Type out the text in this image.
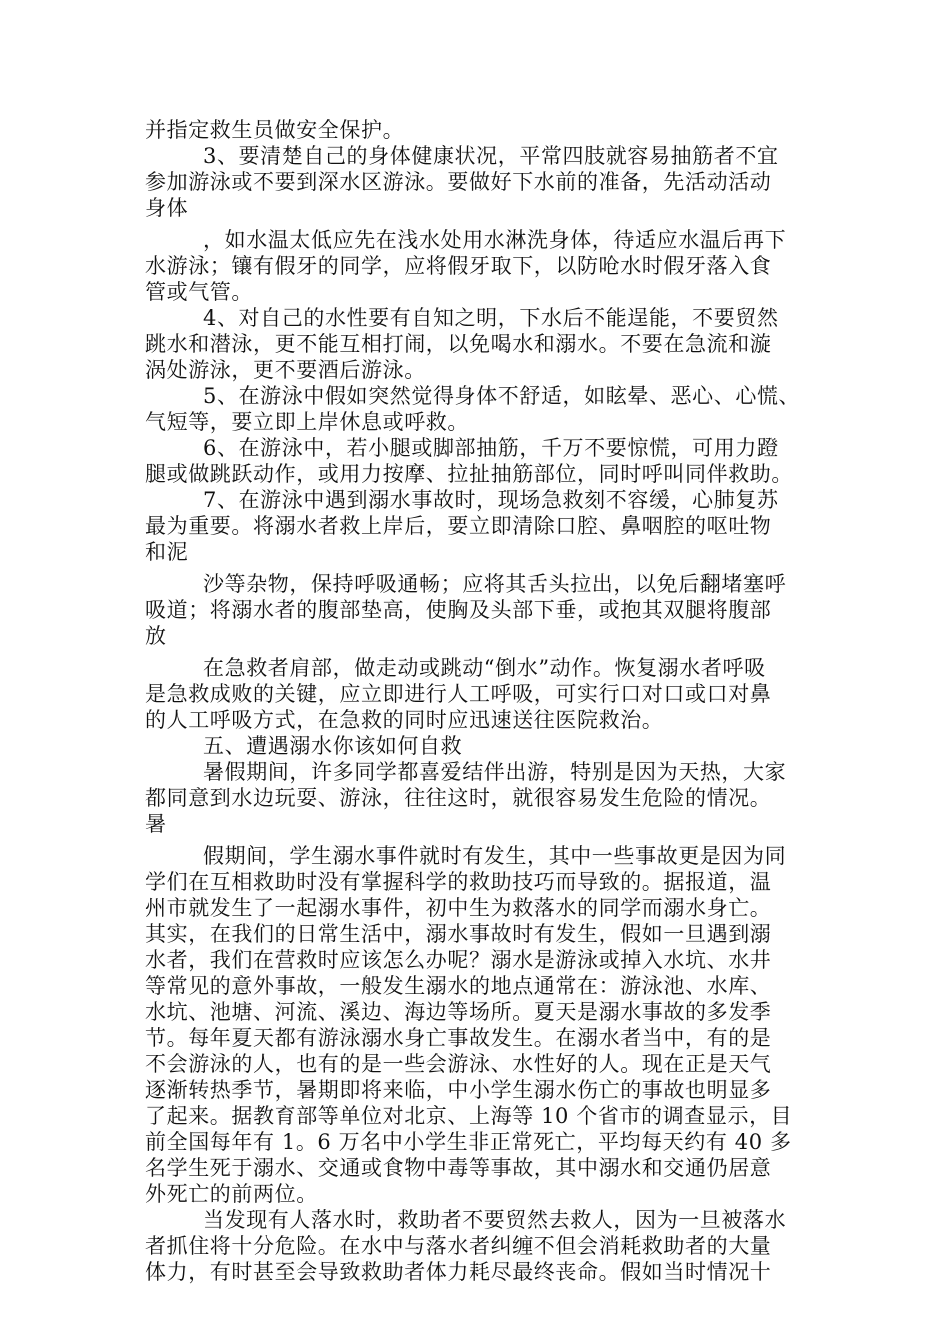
并指定救生员做安全保护。
3、要清楚自己的身体健康状况，平常四肢就容易抽筋者不宜
参加游泳或不要到深水区游泳。要做好下水前的准备，先活动活动
身体
，如水温太低应先在浅水处用水淋洗身体，待适应水温后再下
水游泳；镶有假牙的同学，应将假牙取下，以防呛水时假牙落入食
管或气管。
4、对自己的水性要有自知之明，下水后不能逞能，不要贸然
跳水和潜泳，更不能互相打闹，以免喝水和溺水。不要在急流和漩
涡处游泳，更不要酒后游泳。
5、在游泳中假如突然觉得身体不舒适，如眩晕、恶心、心慌、
气短等，要立即上岸休息或呼救。
6、在游泳中，若小腿或脚部抽筋，千万不要惊慌，可用力蹬
腿或做跳跃动作，或用力按摩、拉扯抽筋部位，同时呼叫同伴救助。
7、在游泳中遇到溺水事故时，现场急救刻不容缓，心肺复苏
最为重要。将溺水者救上岸后，要立即清除口腔、鼻咽腔的呕吐物
和泥
沙等杂物，保持呼吸通畅；应将其舌头拉出，以免后翻堵塞呼
吸道；将溺水者的腹部垫高，使胸及头部下垂，或抱其双腿将腹部
放
在急救者肩部，做走动或跳动“倒水”动作。恢复溺水者呼吸
是急救成败的关键，应立即进行人工呼吸，可实行口对口或口对鼻
的人工呼吸方式，在急救的同时应迅速送往医院救治。
五、遭遇溺水你该如何自救
暑假期间，许多同学都喜爱结伴出游，特别是因为天热，大家
都同意到水边玩耍、游泳，往往这时，就很容易发生危险的情况。
暑
假期间，学生溺水事件就时有发生，其中一些事故更是因为同
学们在互相救助时没有掌握科学的救助技巧而导致的。据报道，温
州市就发生了一起溺水事件，初中生为救落水的同学而溺水身亡。
其实，在我们的日常生活中，溺水事故时有发生，假如一旦遇到溺
水者，我们在营救时应该怎么办呢？溺水是游泳或掉入水坑、水井
等常见的意外事故，一般发生溺水的地点通常在：游泳池、水库、
水坑、池塘、河流、溪边、海边等场所。夏天是溺水事故的多发季
节。每年夏天都有游泳溺水身亡事故发生。在溺水者当中，有的是
不会游泳的人，也有的是一些会游泳、水性好的人。现在正是天气
逐渐转热季节，暑期即将来临，中小学生溺水伤亡的事故也明显多
了起来。据教育部等单位对北京、上海等 10 个省市的调查显示，目
前全国每年有 1。6 万名中小学生非正常死亡，平均每天约有 40 多
名学生死于溺水、交通或食物中毒等事故，其中溺水和交通仍居意
外死亡的前两位。
当发现有人落水时，救助者不要贸然去救人，因为一旦被落水
者抓住将十分危险。在水中与落水者纠缠不但会消耗救助者的大量
体力，有时甚至会导致救助者体力耗尽最终丧命。假如当时情况十
